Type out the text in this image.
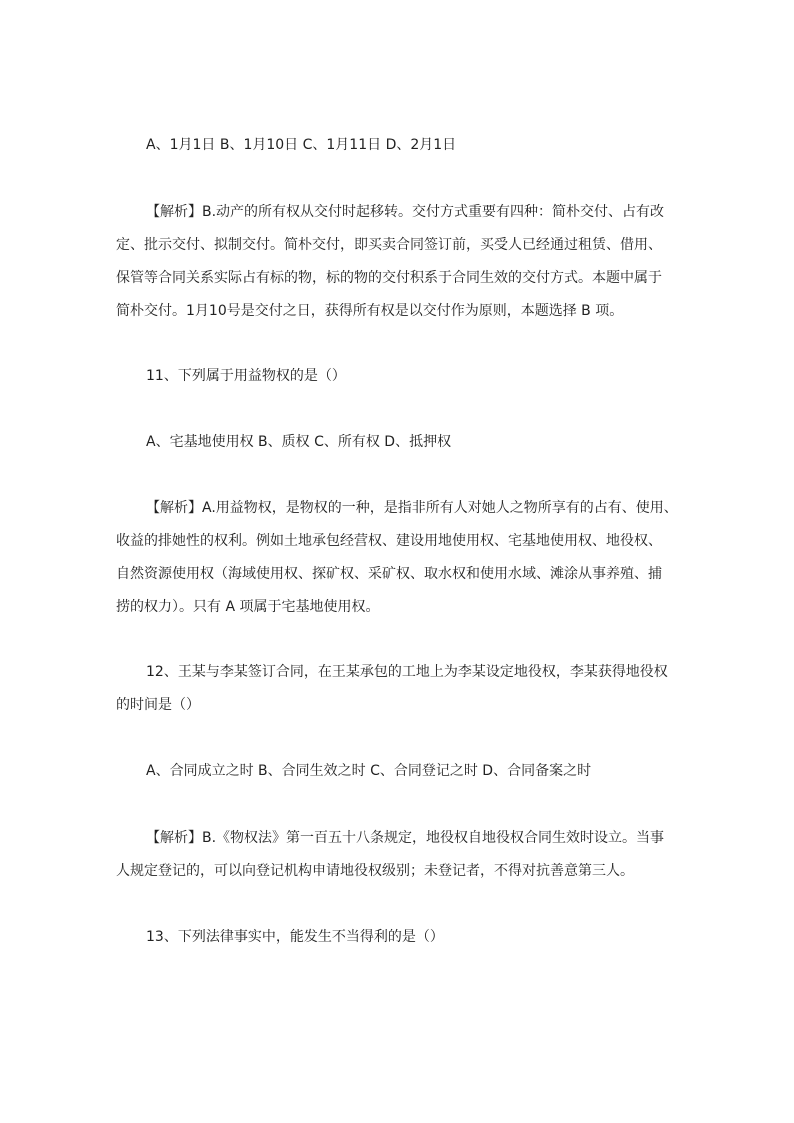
A、1月1日 B、1月10日 C、1月11日 D、2月1日

【解析】B.动产的所有权从交付时起移转。交付方式重要有四种：简朴交付、占有改
定、批示交付、拟制交付。简朴交付，即买卖合同签订前，买受人已经通过租赁、借用、
保管等合同关系实际占有标的物，标的物的交付积系于合同生效的交付方式。本题中属于
简朴交付。1月10号是交付之日，获得所有权是以交付作为原则，本题选择 B 项。

11、下列属于用益物权的是（）

A、宅基地使用权 B、质权 C、所有权 D、抵押权

【解析】A.用益物权，是物权的一种，是指非所有人对她人之物所享有的占有、使用、
收益的排她性的权利。例如土地承包经营权、建设用地使用权、宅基地使用权、地役权、
自然资源使用权（海域使用权、探矿权、采矿权、取水权和使用水域、滩涂从事养殖、捕
捞的权力）。只有 A 项属于宅基地使用权。

12、王某与李某签订合同，在王某承包的工地上为李某设定地役权，李某获得地役权
的时间是（）

A、合同成立之时 B、合同生效之时 C、合同登记之时 D、合同备案之时

【解析】B.《物权法》第一百五十八条规定，地役权自地役权合同生效时设立。当事
人规定登记的，可以向登记机构申请地役权级别；未登记者，不得对抗善意第三人。

13、下列法律事实中，能发生不当得利的是（）
